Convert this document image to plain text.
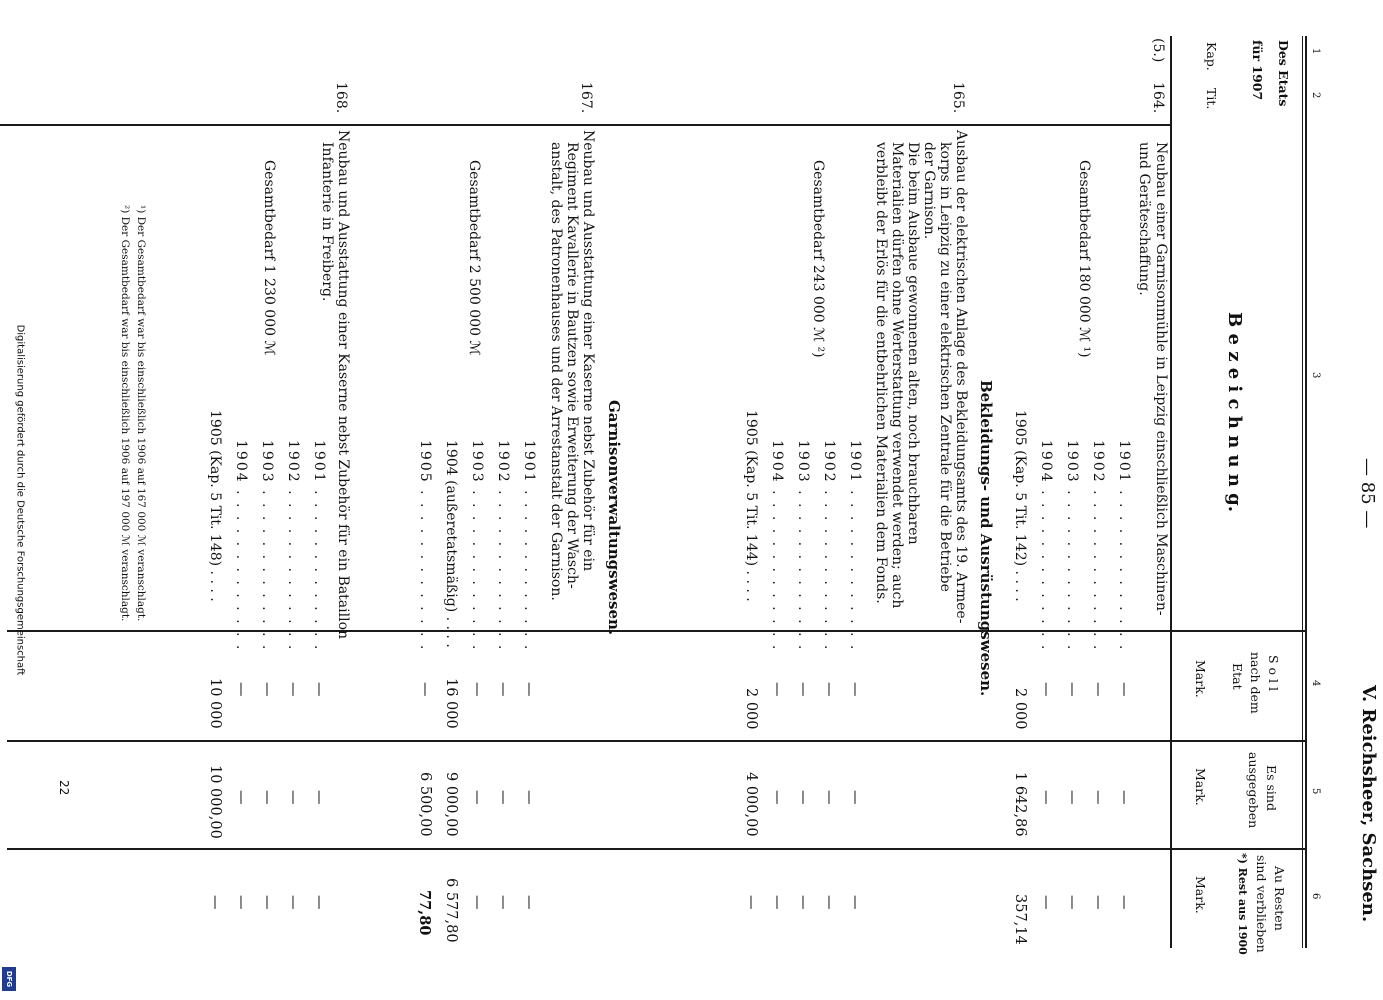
— 85 —
V. Reichsheer, Sachsen.
1
2
3
4
5
6
Des Etats
für 1907
Kap.
Tit.
B e z e i c h n u n g.
S o l l
nach dem
Etat
Mark.
Es sind
ausgegeben
Mark.
Au Resten
sind verblieben
*) Rest aus 1900
Mark.
(5.)
164.
Neubau einer Garnisonmühle in Leipzig einschließlich Maschinen-
und Geräteschaffung.
Gesamtbedarf 180 000 ℳ ¹)
1901 . . . . . . . . . . . . .
1902 . . . . . . . . . . . . .
1903 . . . . . . . . . . . . .
1904 . . . . . . . . . . . . .
1905 (Kap. 5 Tit. 142) . . . .
—
—
—
—
2 000
—
—
—
—
1 642,86
—
—
—
—
357,14
Bekleidungs- und Ausrüstungswesen.
165.
Ausbau der elektrischen Anlage des Bekleidungsamts des 19. Armee-
korps in Leipzig zu einer elektrischen Zentrale für die Betriebe
der Garnison.
Die beim Ausbaue gewonnenen alten, noch brauchbaren
Materialien dürfen ohne Werterstattung verwendet werden; auch
verbleibt der Erlös für die entbehrlichen Materialien dem Fonds.
Gesamtbedarf 243 000 ℳ ²)
1901 . . . . . . . . . . . . .
1902 . . . . . . . . . . . . .
1903 . . . . . . . . . . . . .
1904 . . . . . . . . . . . . .
1905 (Kap. 5 Tit. 144) . . . .
—
—
—
—
2 000
—
—
—
—
4 000,00
—
—
—
—
—
Garnisonverwaltungswesen.
167.
Neubau und Ausstattung einer Kaserne nebst Zubehör für ein
Regiment Kavallerie in Bautzen sowie Erweiterung der Wasch-
anstalt, des Patronenhauses und der Arrestanstalt der Garnison.
Gesamtbedarf 2 500 000 ℳ
1901 . . . . . . . . . . . . .
1902 . . . . . . . . . . . . .
1903 . . . . . . . . . . . . .
1904 (außeretatsmäßig) . . . .
1905 . . . . . . . . . . . . .
—
—
—
16 000
—
—
—
—
9 000,00
6 500,00
—
—
—
6 577,80
77,80
168.
Neubau und Ausstattung einer Kaserne nebst Zubehör für ein Bataillon
Infanterie in Freiberg.
Gesamtbedarf 1 230 000 ℳ
1901 . . . . . . . . . . . . .
1902 . . . . . . . . . . . . .
1903 . . . . . . . . . . . . .
1904 . . . . . . . . . . . . .
1905 (Kap. 5 Tit. 148) . . . .
—
—
—
—
10 000
—
—
—
—
10 000,00
—
—
—
—
—
¹) Der Gesamtbedarf war bis einschließlich 1906 auf 167 000 ℳ veranschlagt.
²) Der Gesamtbedarf war bis einschließlich 1906 auf 197 000 ℳ veranschlagt.
22
Digitalisierung gefördert durch die Deutsche Forschungsgemeinschaft
DFG
